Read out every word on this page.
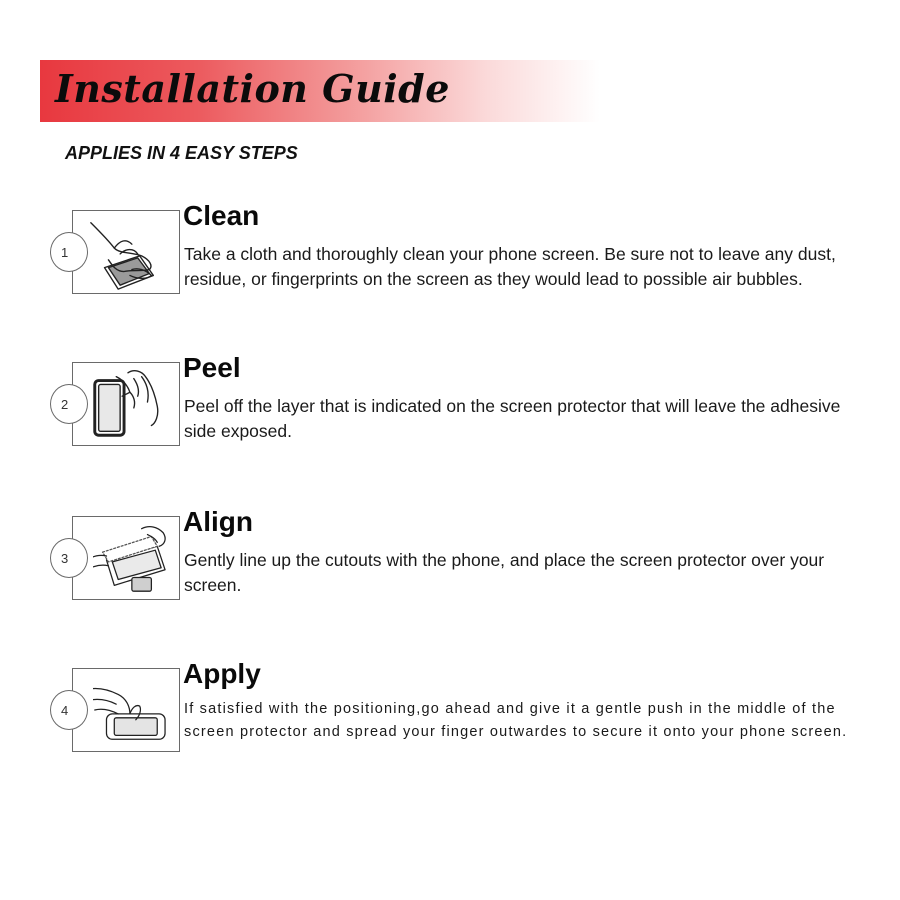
Installation Guide

APPLIES IN 4 EASY STEPS

1
Clean

Take a cloth and thoroughly clean your phone screen. Be sure not to leave any dust, residue, or fingerprints on the screen as they would lead to possible air bubbles.

2
Peel

Peel off the layer that is indicated on the screen protector that will leave the adhesive side exposed.

3
Align

Gently line up the cutouts with the phone, and place the screen protector over your screen.

4
Apply

If satisfied with the positioning,go ahead and give it a gentle push in the middle of the screen protector and spread your finger outwardes to secure it onto your phone screen.
